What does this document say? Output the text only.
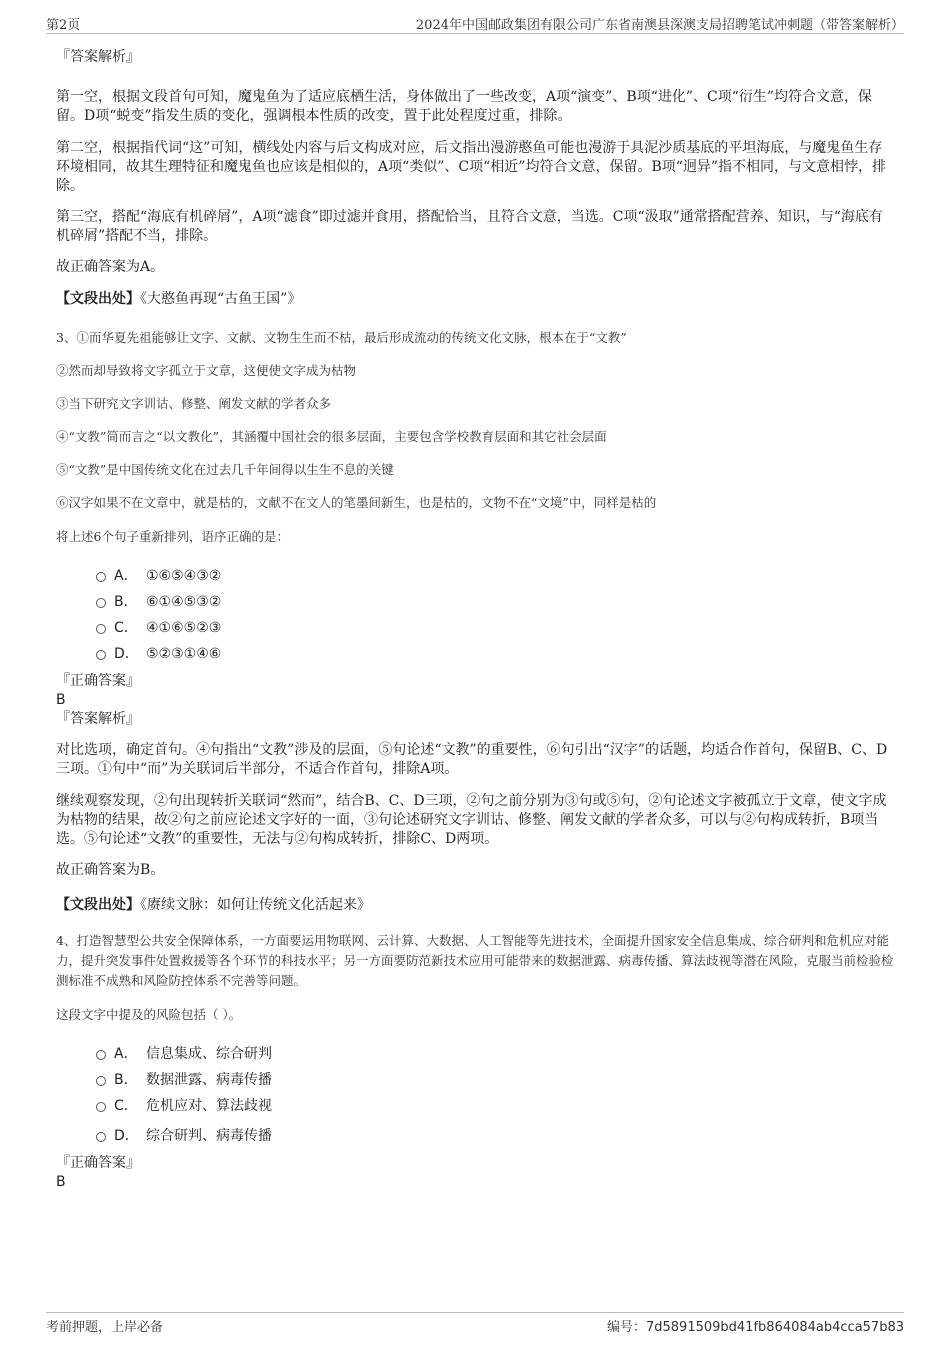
第2页	2024年中国邮政集团有限公司广东省南澳县深澳支局招聘笔试冲刺题（带答案解析）
『答案解析』
第一空，根据文段首句可知，魔鬼鱼为了适应底栖生活，身体做出了一些改变，A项“演变”、B项“进化”、C项“衍生”均符合文意，保留。D项“蜕变”指发生质的变化，强调根本性质的改变，置于此处程度过重，排除。
第二空，根据指代词“这”可知，横线处内容与后文构成对应，后文指出漫游憨鱼可能也漫游于具泥沙质基底的平坦海底，与魔鬼鱼生存环境相同，故其生理特征和魔鬼鱼也应该是相似的，A项“类似”、C项“相近”均符合文意，保留。B项“迥异”指不相同，与文意相悖，排除。
第三空，搭配“海底有机碎屑”，A项“滤食”即过滤并食用，搭配恰当，且符合文意，当选。C项“汲取”通常搭配营养、知识，与“海底有机碎屑”搭配不当，排除。
故正确答案为A。
【文段出处】《大憨鱼再现“古鱼王国”》
3、①而华夏先祖能够让文字、文献、文物生生而不枯，最后形成流动的传统文化文脉，根本在于“文教”
②然而却导致将文字孤立于文章，这便使文字成为枯物
③当下研究文字训诂、修整、阐发文献的学者众多
④“文教”简而言之“以文教化”，其涵覆中国社会的很多层面，主要包含学校教育层面和其它社会层面
⑤“文教”是中国传统文化在过去几千年间得以生生不息的关键
⑥汉字如果不在文章中，就是枯的，文献不在文人的笔墨间新生，也是枯的，文物不在“文境”中，同样是枯的
将上述6个句子重新排列，语序正确的是：
A． ①⑥⑤④③②
B． ⑥①④⑤③②
C． ④①⑥⑤②③
D． ⑤②③①④⑥
『正确答案』
B
『答案解析』
对比选项，确定首句。④句指出“文教”涉及的层面，⑤句论述“文教”的重要性，⑥句引出“汉字”的话题，均适合作首句，保留B、C、D三项。①句中“而”为关联词后半部分，不适合作首句，排除A项。
继续观察发现，②句出现转折关联词“然而”，结合B、C、D三项，②句之前分别为③句或⑤句，②句论述文字被孤立于文章，使文字成为枯物的结果，故②句之前应论述文字好的一面，③句论述研究文字训诂、修整、阐发文献的学者众多，可以与②句构成转折，B项当选。⑤句论述“文教”的重要性，无法与②句构成转折，排除C、D两项。
故正确答案为B。
【文段出处】《赓续文脉：如何让传统文化活起来》
4、打造智慧型公共安全保障体系，一方面要运用物联网、云计算、大数据、人工智能等先进技术，全面提升国家安全信息集成、综合研判和危机应对能力，提升突发事件处置救援等各个环节的科技水平；另一方面要防范新技术应用可能带来的数据泄露、病毒传播、算法歧视等潜在风险，克服当前检验检测标准不成熟和风险防控体系不完善等问题。
这段文字中提及的风险包括（ ）。
A． 信息集成、综合研判
B． 数据泄露、病毒传播
C． 危机应对、算法歧视
D． 综合研判、病毒传播
『正确答案』
B
考前押题，上岸必备	编号：7d5891509bd41fb864084ab4cca57b83
